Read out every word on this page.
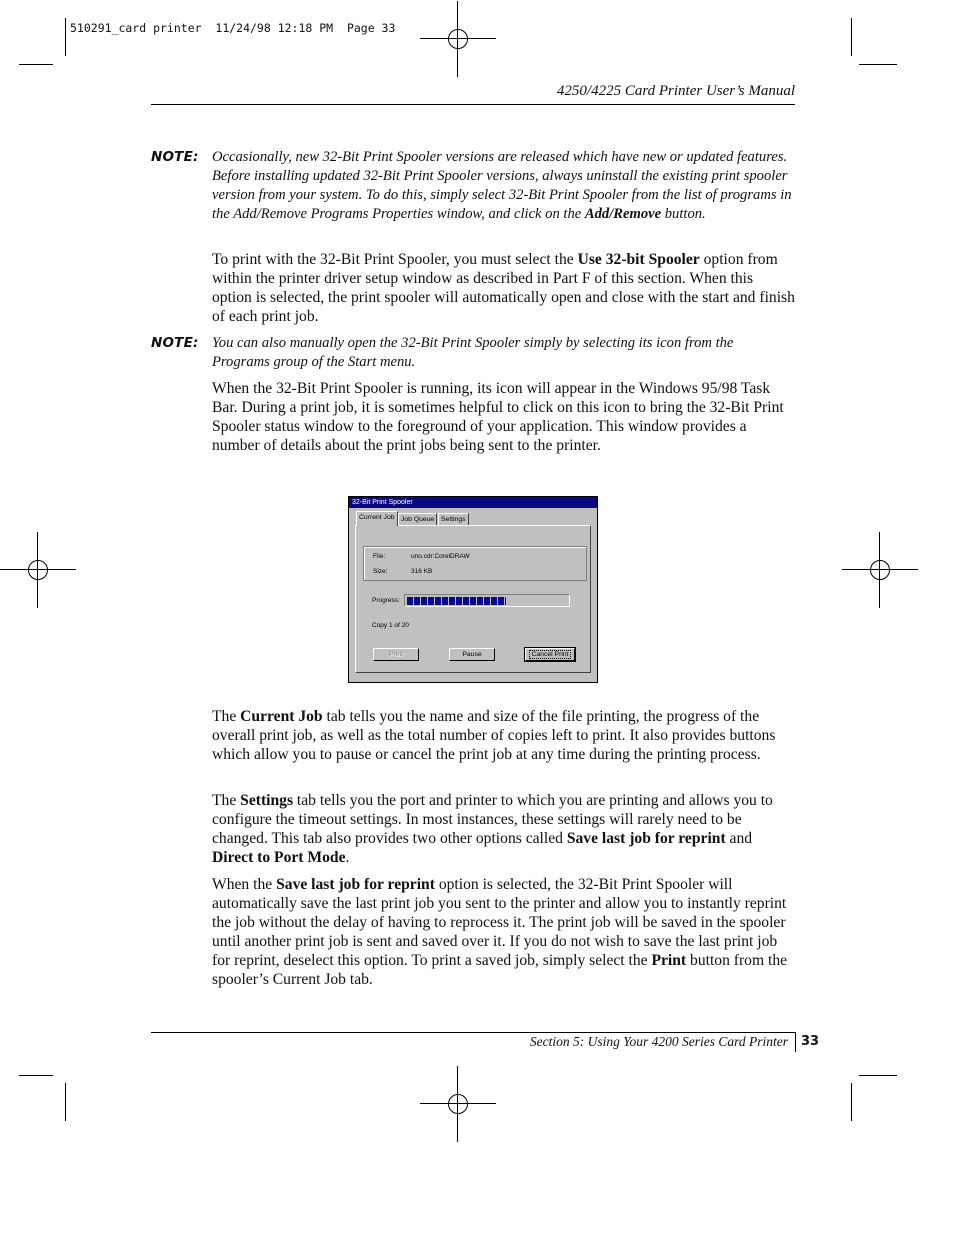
510291_card printer  11/24/98 12:18 PM  Page 33
4250/4225 Card Printer User’s Manual
NOTE: Occasionally, new 32-Bit Print Spooler versions are released which have new or updated features. Before installing updated 32-Bit Print Spooler versions, always uninstall the existing print spooler version from your system. To do this, simply select 32-Bit Print Spooler from the list of programs in the Add/Remove Programs Properties window, and click on the Add/Remove button.
To print with the 32-Bit Print Spooler, you must select the Use 32-bit Spooler option from within the printer driver setup window as described in Part F of this section. When this option is selected, the print spooler will automatically open and close with the start and finish of each print job.
NOTE: You can also manually open the 32-Bit Print Spooler simply by selecting its icon from the Programs group of the Start menu.
When the 32-Bit Print Spooler is running, its icon will appear in the Windows 95/98 Task Bar. During a print job, it is sometimes helpful to click on this icon to bring the 32-Bit Print Spooler status window to the foreground of your application. This window provides a number of details about the print jobs being sent to the printer.
32-Bit Print Spooler
Current Job Job Queue Settings
File:	uno.cdr:CorelDRAW
Size:	316 KB
Progress:
Copy 1 of 20
Print	Pause	Cancel Print
The Current Job tab tells you the name and size of the file printing, the progress of the overall print job, as well as the total number of copies left to print. It also provides buttons which allow you to pause or cancel the print job at any time during the printing process.
The Settings tab tells you the port and printer to which you are printing and allows you to configure the timeout settings. In most instances, these settings will rarely need to be changed. This tab also provides two other options called Save last job for reprint and Direct to Port Mode.
When the Save last job for reprint option is selected, the 32-Bit Print Spooler will automatically save the last print job you sent to the printer and allow you to instantly reprint the job without the delay of having to reprocess it. The print job will be saved in the spooler until another print job is sent and saved over it. If you do not wish to save the last print job for reprint, deselect this option. To print a saved job, simply select the Print button from the spooler’s Current Job tab.
Section 5: Using Your 4200 Series Card Printer 33
